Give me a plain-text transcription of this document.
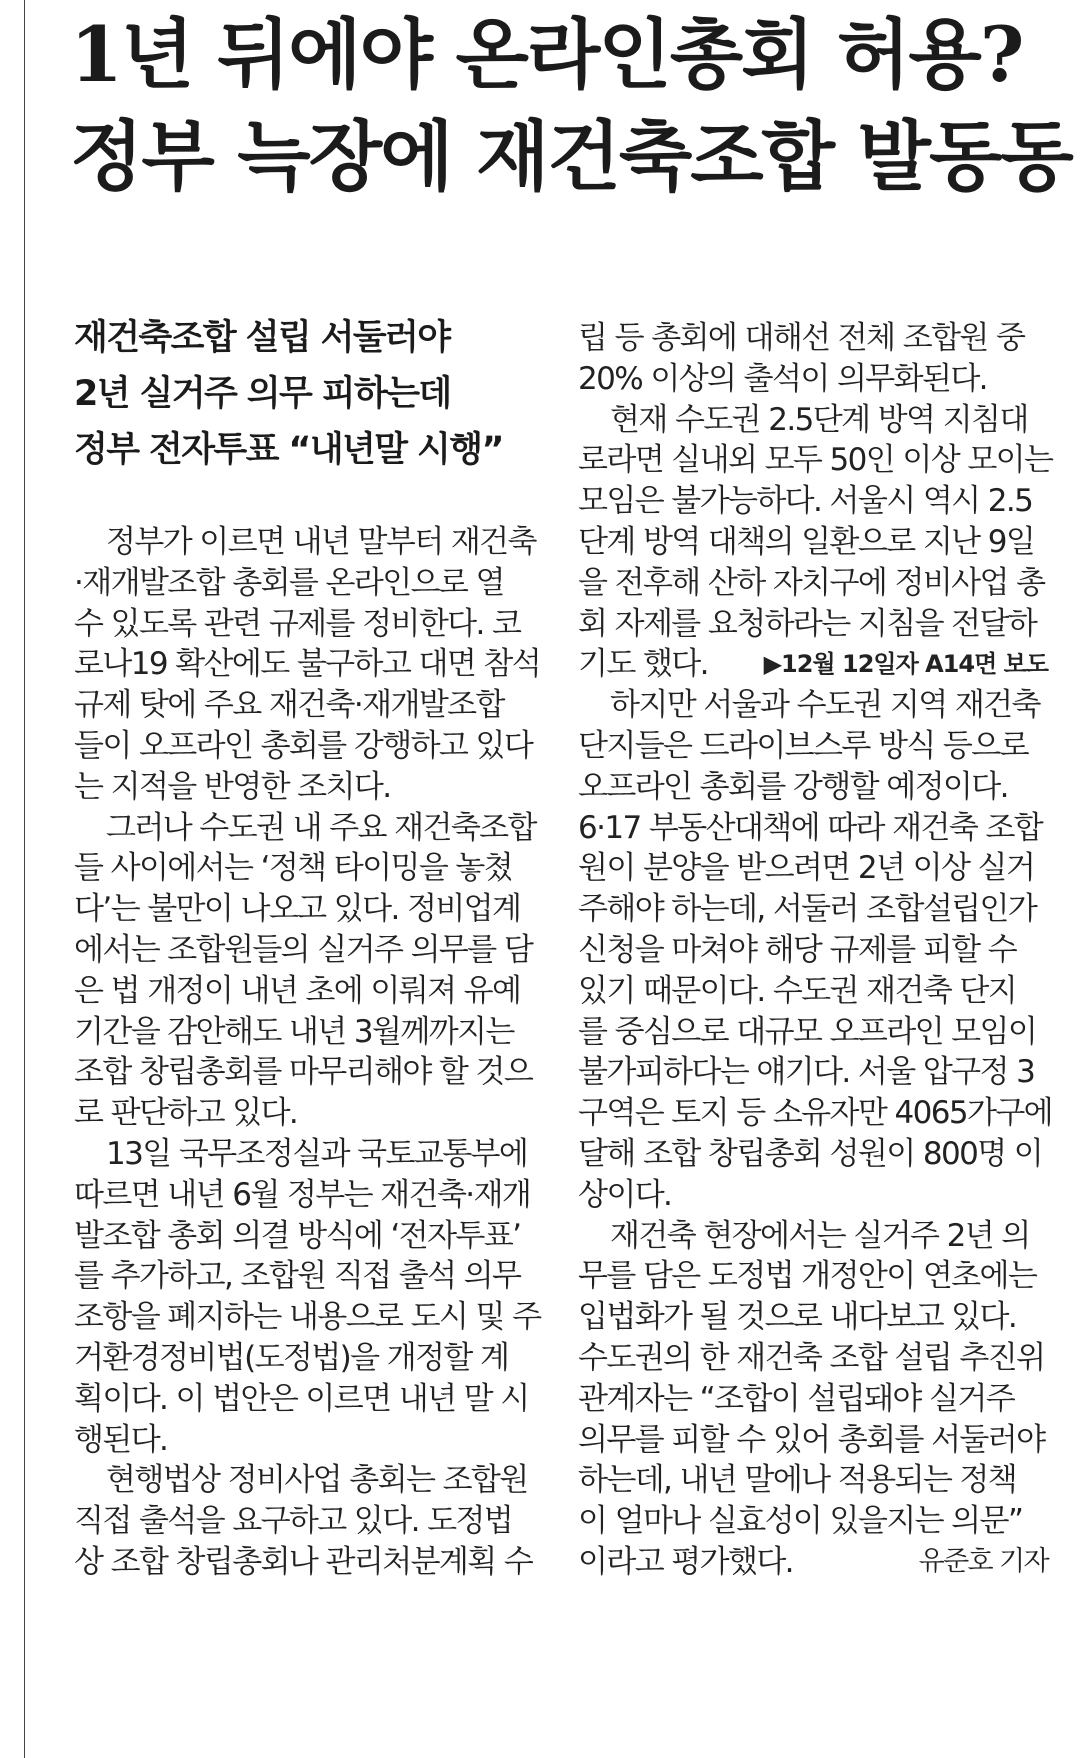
1년 뒤에야 온라인총회 허용?
정부 늑장에 재건축조합 발동동
재건축조합 설립 서둘러야
2년 실거주 의무 피하는데
정부 전자투표 “내년말 시행”
정부가 이르면 내년 말부터 재건축
·재개발조합 총회를 온라인으로 열
수 있도록 관련 규제를 정비한다. 코
로나19 확산에도 불구하고 대면 참석
규제 탓에 주요 재건축·재개발조합
들이 오프라인 총회를 강행하고 있다
는 지적을 반영한 조치다.
그러나 수도권 내 주요 재건축조합
들 사이에서는 ‘정책 타이밍을 놓쳤
다’는 불만이 나오고 있다. 정비업계
에서는 조합원들의 실거주 의무를 담
은 법 개정이 내년 초에 이뤄져 유예
기간을 감안해도 내년 3월께까지는
조합 창립총회를 마무리해야 할 것으
로 판단하고 있다.
13일 국무조정실과 국토교통부에
따르면 내년 6월 정부는 재건축·재개
발조합 총회 의결 방식에 ‘전자투표’
를 추가하고, 조합원 직접 출석 의무
조항을 폐지하는 내용으로 도시 및 주
거환경정비법(도정법)을 개정할 계
획이다. 이 법안은 이르면 내년 말 시
행된다.
현행법상 정비사업 총회는 조합원
직접 출석을 요구하고 있다. 도정법
상 조합 창립총회나 관리처분계획 수
립 등 총회에 대해선 전체 조합원 중
20% 이상의 출석이 의무화된다.
현재 수도권 2.5단계 방역 지침대
로라면 실내외 모두 50인 이상 모이는
모임은 불가능하다. 서울시 역시 2.5
단계 방역 대책의 일환으로 지난 9일
을 전후해 산하 자치구에 정비사업 총
회 자제를 요청하라는 지침을 전달하
기도 했다. ▶12월 12일자 A14면 보도
하지만 서울과 수도권 지역 재건축
단지들은 드라이브스루 방식 등으로
오프라인 총회를 강행할 예정이다.
6·17 부동산대책에 따라 재건축 조합
원이 분양을 받으려면 2년 이상 실거
주해야 하는데, 서둘러 조합설립인가
신청을 마쳐야 해당 규제를 피할 수
있기 때문이다. 수도권 재건축 단지
를 중심으로 대규모 오프라인 모임이
불가피하다는 얘기다. 서울 압구정 3
구역은 토지 등 소유자만 4065가구에
달해 조합 창립총회 성원이 800명 이
상이다.
재건축 현장에서는 실거주 2년 의
무를 담은 도정법 개정안이 연초에는
입법화가 될 것으로 내다보고 있다.
수도권의 한 재건축 조합 설립 추진위
관계자는 “조합이 설립돼야 실거주
의무를 피할 수 있어 총회를 서둘러야
하는데, 내년 말에나 적용되는 정책
이 얼마나 실효성이 있을지는 의문”
이라고 평가했다.	유준호 기자
